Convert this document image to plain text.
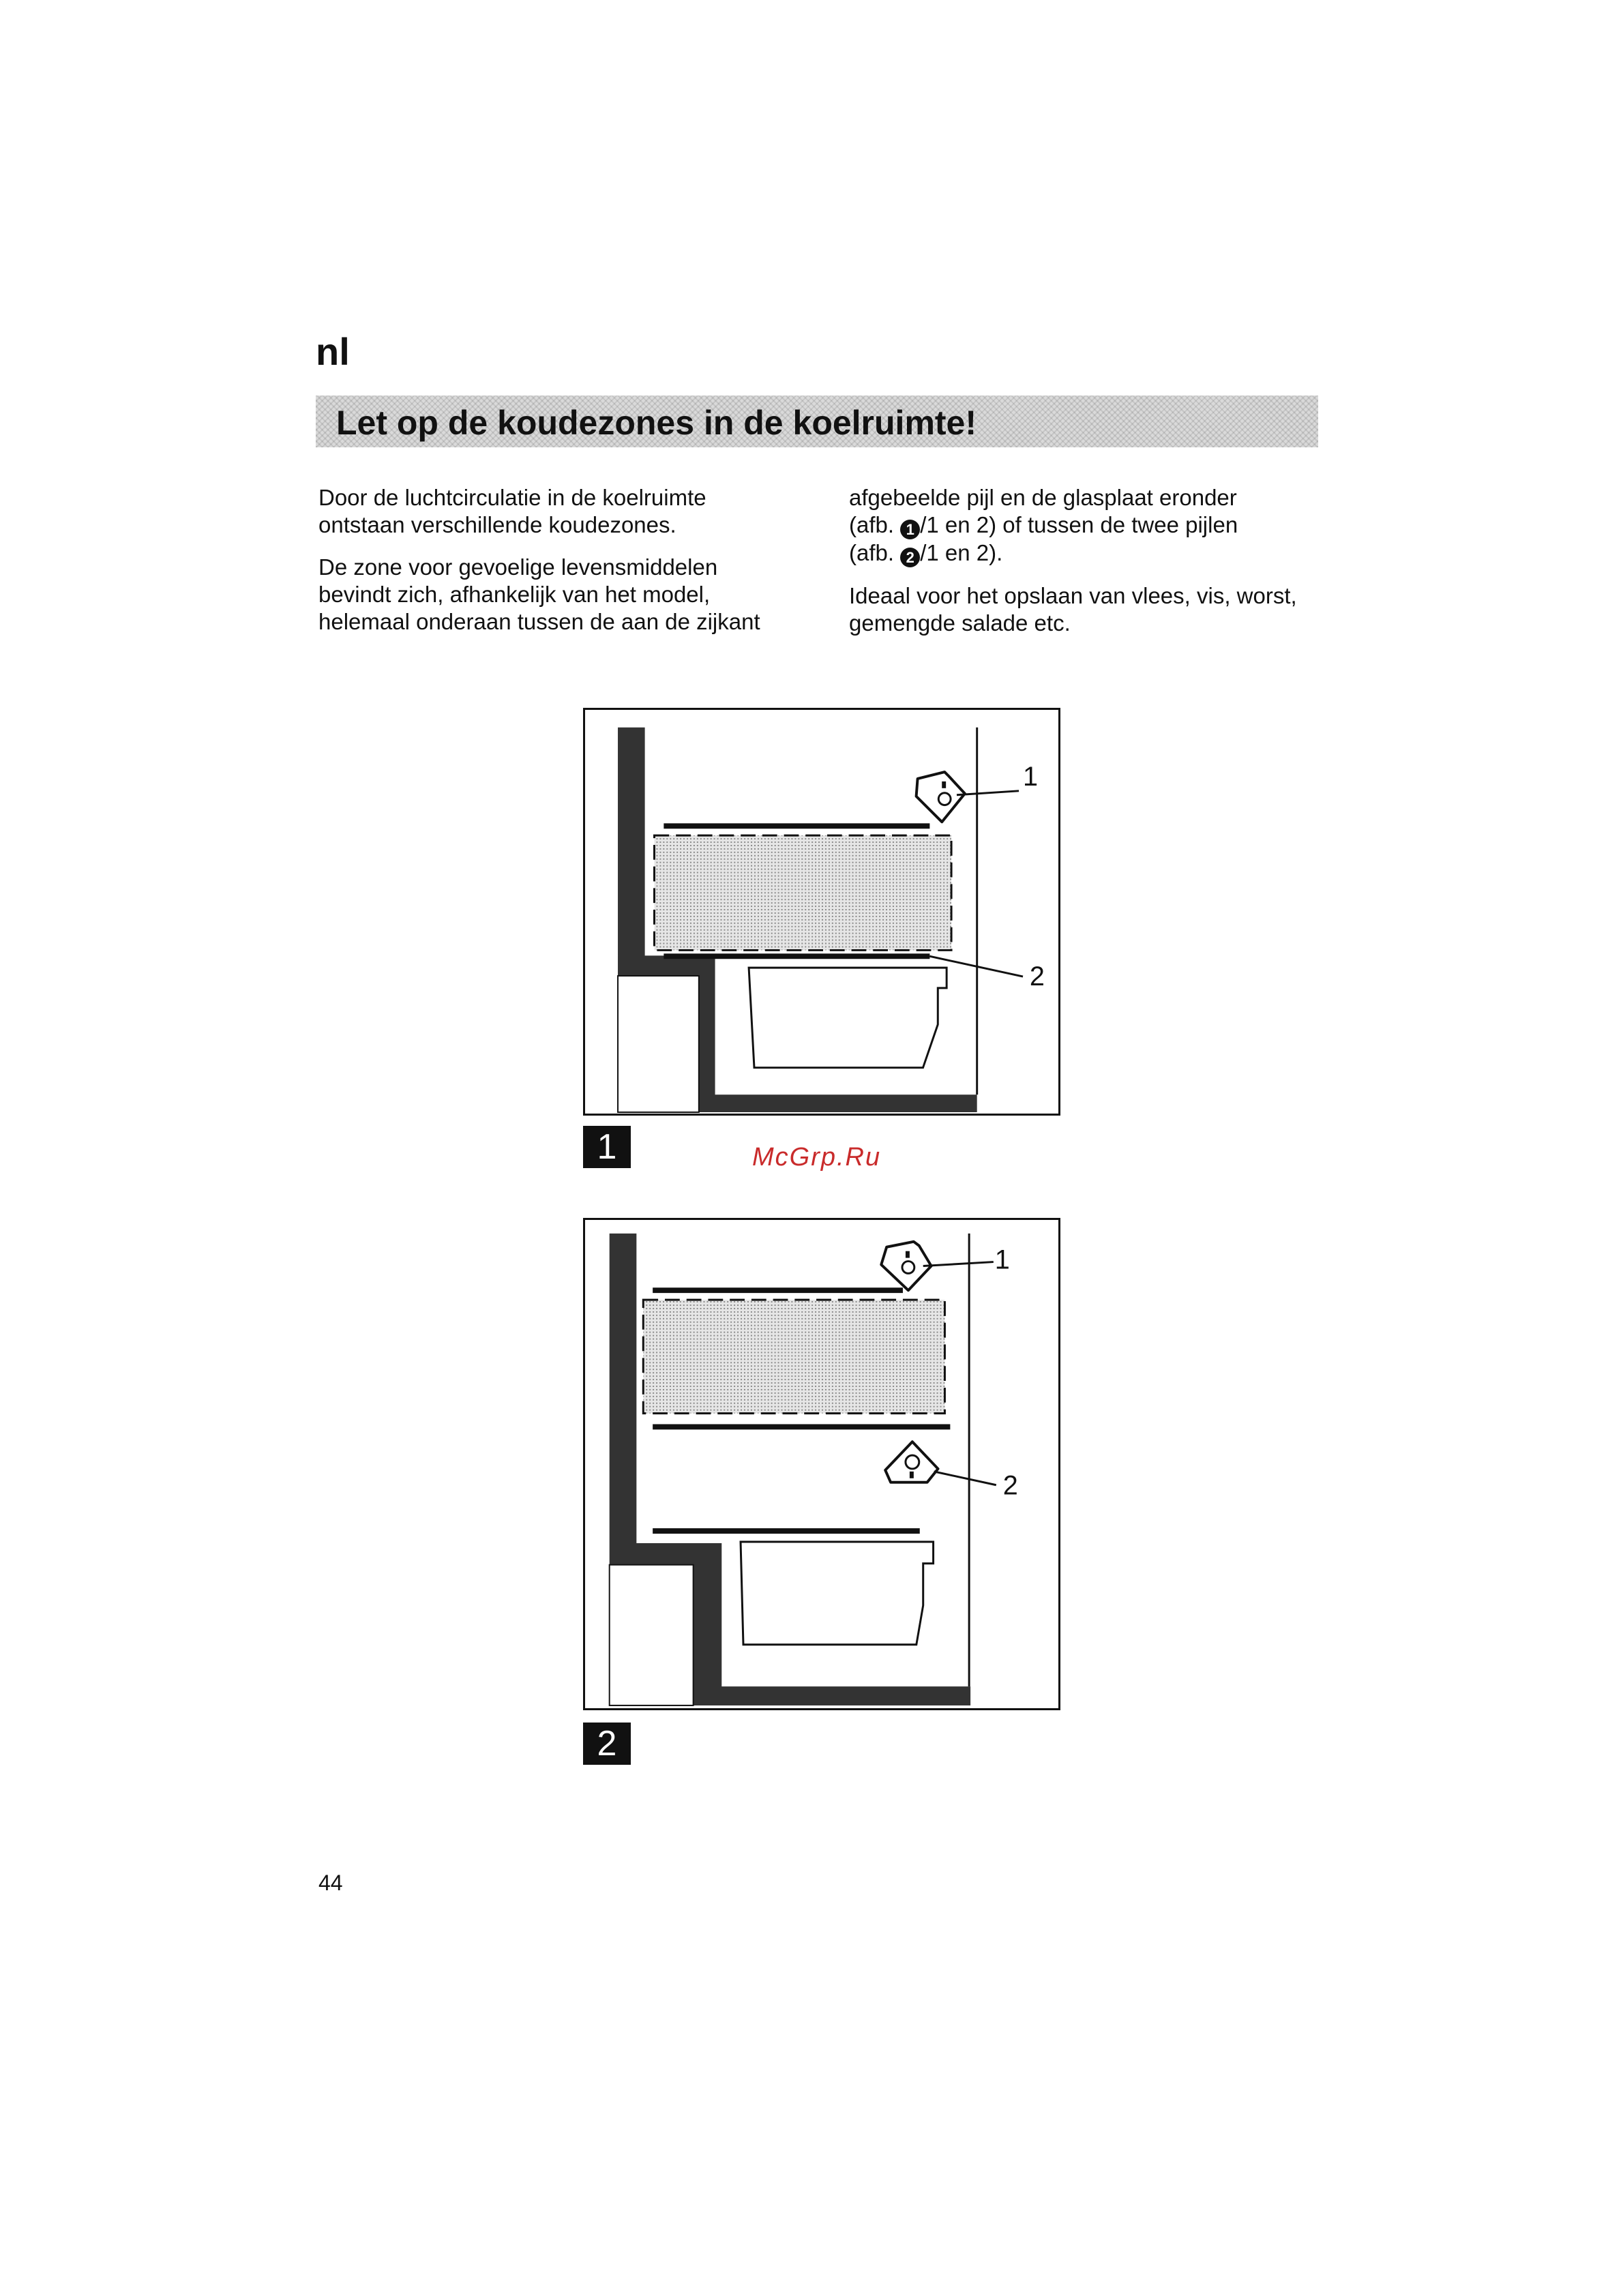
nl
Let op de koudezones in de koelruimte!

Door de luchtcirculatie in de koelruimte ontstaan verschillende koudezones.

De zone voor gevoelige levensmiddelen bevindt zich, afhankelijk van het model, helemaal onderaan tussen de aan de zijkant

afgebeelde pijl en de glasplaat eronder
(afb. 1 /1 en 2) of tussen de twee pijlen
(afb. 2 /1 en 2).

Ideaal voor het opslaan van vlees, vis, worst, gemengde salade etc.

1
2
1	McGrp.Ru
1
2
2
44
